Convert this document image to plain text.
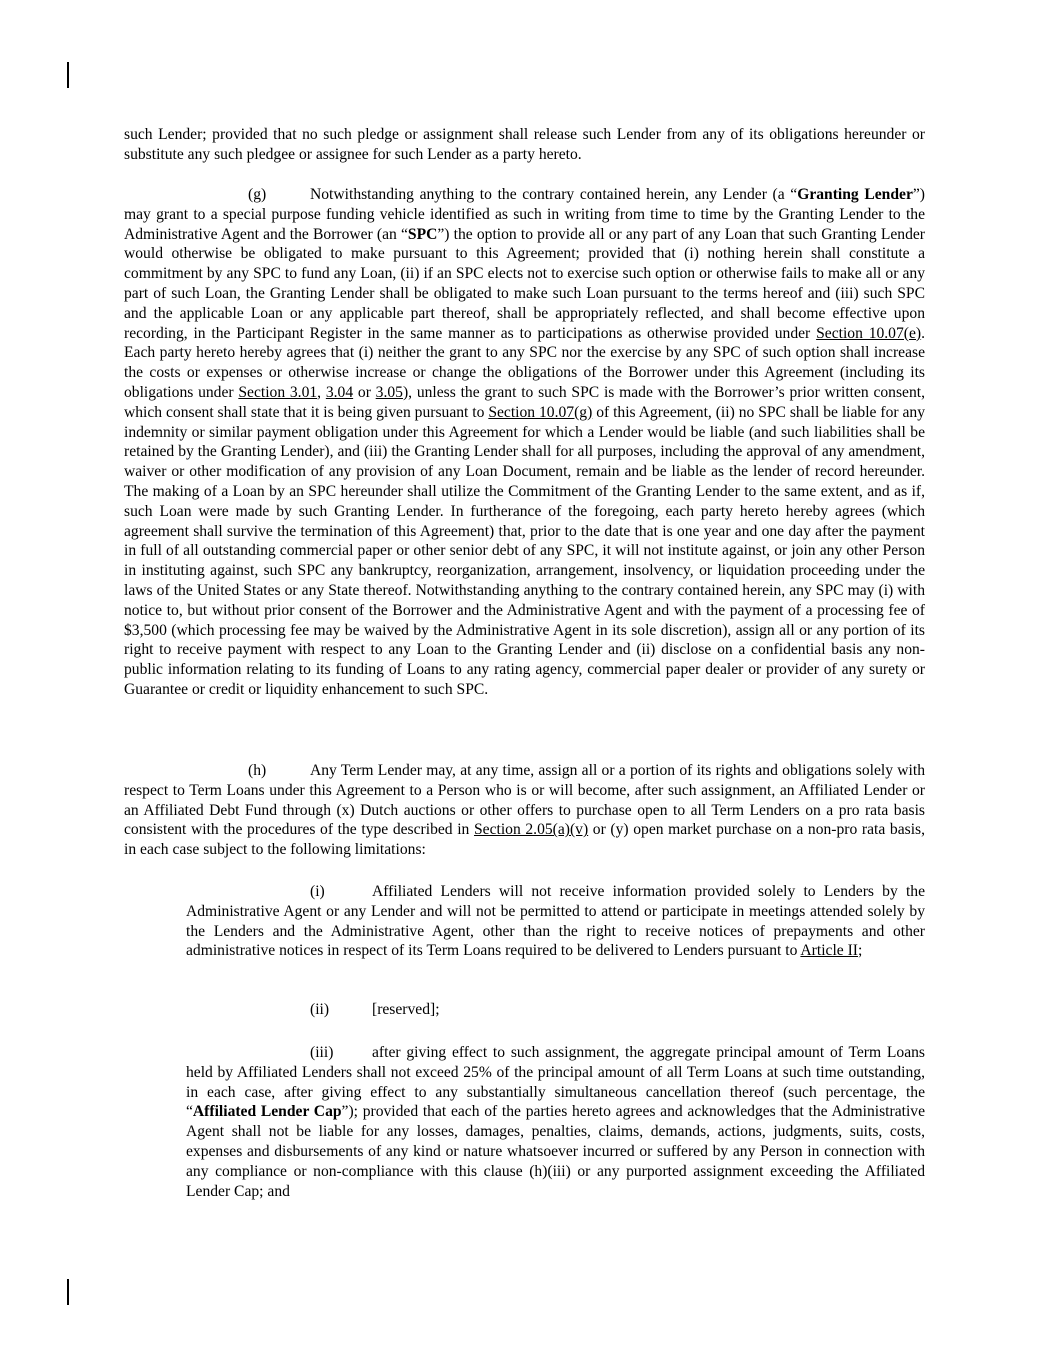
such Lender; provided that no such pledge or assignment shall release such Lender from any of its obligations hereunder or substitute any such pledgee or assignee for such Lender as a party hereto.

(g)	Notwithstanding anything to the contrary contained herein, any Lender (a “Granting Lender”) may grant to a special purpose funding vehicle identified as such in writing from time to time by the Granting Lender to the Administrative Agent and the Borrower (an “SPC”) the option to provide all or any part of any Loan that such Granting Lender would otherwise be obligated to make pursuant to this Agreement; provided that (i) nothing herein shall constitute a commitment by any SPC to fund any Loan, (ii) if an SPC elects not to exercise such option or otherwise fails to make all or any part of such Loan, the Granting Lender shall be obligated to make such Loan pursuant to the terms hereof and (iii) such SPC and the applicable Loan or any applicable part thereof, shall be appropriately reflected, and shall become effective upon recording, in the Participant Register in the same manner as to participations as otherwise provided under Section 10.07(e). Each party hereto hereby agrees that (i) neither the grant to any SPC nor the exercise by any SPC of such option shall increase the costs or expenses or otherwise increase or change the obligations of the Borrower under this Agreement (including its obligations under Section 3.01, 3.04 or 3.05), unless the grant to such SPC is made with the Borrower’s prior written consent, which consent shall state that it is being given pursuant to Section 10.07(g) of this Agreement, (ii) no SPC shall be liable for any indemnity or similar payment obligation under this Agreement for which a Lender would be liable (and such liabilities shall be retained by the Granting Lender), and (iii) the Granting Lender shall for all purposes, including the approval of any amendment, waiver or other modification of any provision of any Loan Document, remain and be liable as the lender of record hereunder. The making of a Loan by an SPC hereunder shall utilize the Commitment of the Granting Lender to the same extent, and as if, such Loan were made by such Granting Lender. In furtherance of the foregoing, each party hereto hereby agrees (which agreement shall survive the termination of this Agreement) that, prior to the date that is one year and one day after the payment in full of all outstanding commercial paper or other senior debt of any SPC, it will not institute against, or join any other Person in instituting against, such SPC any bankruptcy, reorganization, arrangement, insolvency, or liquidation proceeding under the laws of the United States or any State thereof. Notwithstanding anything to the contrary contained herein, any SPC may (i) with notice to, but without prior consent of the Borrower and the Administrative Agent and with the payment of a processing fee of $3,500 (which processing fee may be waived by the Administrative Agent in its sole discretion), assign all or any portion of its right to receive payment with respect to any Loan to the Granting Lender and (ii) disclose on a confidential basis any non-public information relating to its funding of Loans to any rating agency, commercial paper dealer or provider of any surety or Guarantee or credit or liquidity enhancement to such SPC.

(h)	Any Term Lender may, at any time, assign all or a portion of its rights and obligations solely with respect to Term Loans under this Agreement to a Person who is or will become, after such assignment, an Affiliated Lender or an Affiliated Debt Fund through (x) Dutch auctions or other offers to purchase open to all Term Lenders on a pro rata basis consistent with the procedures of the type described in Section 2.05(a)(v) or (y) open market purchase on a non-pro rata basis, in each case subject to the following limitations:

(i)	Affiliated Lenders will not receive information provided solely to Lenders by the Administrative Agent or any Lender and will not be permitted to attend or participate in meetings attended solely by the Lenders and the Administrative Agent, other than the right to receive notices of prepayments and other administrative notices in respect of its Term Loans required to be delivered to Lenders pursuant to Article II;

(ii)	[reserved];

(iii) after giving effect to such assignment, the aggregate principal amount of Term Loans held by Affiliated Lenders shall not exceed 25% of the principal amount of all Term Loans at such time outstanding, in each case, after giving effect to any substantially simultaneous cancellation thereof (such percentage, the “Affiliated Lender Cap”); provided that each of the parties hereto agrees and acknowledges that the Administrative Agent shall not be liable for any losses, damages, penalties, claims, demands, actions, judgments, suits, costs, expenses and disbursements of any kind or nature whatsoever incurred or suffered by any Person in connection with any compliance or non-compliance with this clause (h)(iii) or any purported assignment exceeding the Affiliated Lender Cap; and
